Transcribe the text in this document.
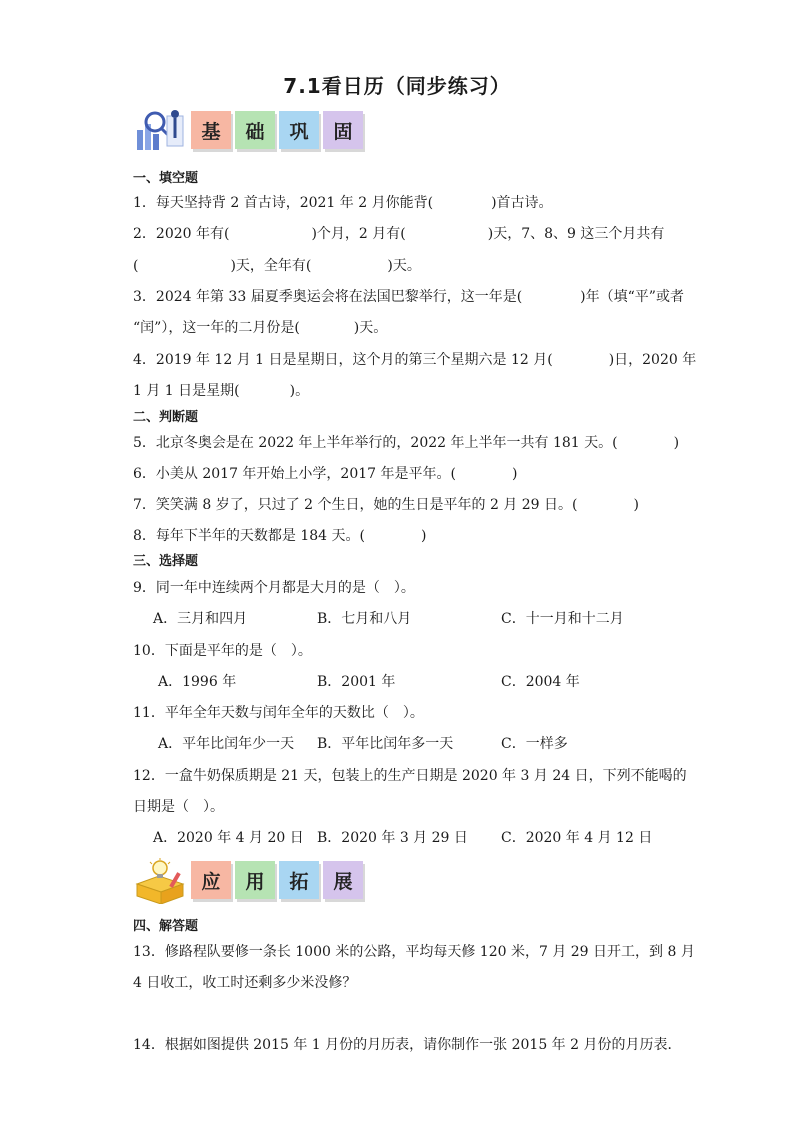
7.1看日历（同步练习）
基	础	巩	固
一、填空题
1．每天坚持背 2 首古诗，2021 年 2 月你能背(	)首古诗。
2．2020 年有(	)个月，2 月有(	)天，7、8、9 这三个月共有
(	)天，全年有(	)天。
3．2024 年第 33 届夏季奥运会将在法国巴黎举行，这一年是(	)年（填“平”或者
“闰”），这一年的二月份是(	)天。
4．2019 年 12 月 1 日是星期日，这个月的第三个星期六是 12 月(	)日，2020 年
1 月 1 日是星期(	)。
二、判断题
5．北京冬奥会是在 2022 年上半年举行的，2022 年上半年一共有 181 天。(	)
6．小美从 2017 年开始上小学，2017 年是平年。(	)
7．笑笑满 8 岁了，只过了 2 个生日，她的生日是平年的 2 月 29 日。(	)
8．每年下半年的天数都是 184 天。(	)
三、选择题
9．同一年中连续两个月都是大月的是（　）。
A．三月和四月	B．七月和八月	C．十一月和十二月
10．下面是平年的是（　）。
A．1996 年	B．2001 年	C．2004 年
11．平年全年天数与闰年全年的天数比（　）。
A．平年比闰年少一天 B．平年比闰年多一天	C．一样多
12．一盒牛奶保质期是 21 天，包装上的生产日期是 2020 年 3 月 24 日，下列不能喝的
日期是（　）。
A．2020 年 4 月 20 日 B．2020 年 3 月 29 日 C．2020 年 4 月 12 日
应	用	拓	展
四、解答题
13．修路程队要修一条长 1000 米的公路，平均每天修 120 米，7 月 29 日开工，到 8 月
4 日收工，收工时还剩多少米没修？
14．根据如图提供 2015 年 1 月份的月历表，请你制作一张 2015 年 2 月份的月历表．
